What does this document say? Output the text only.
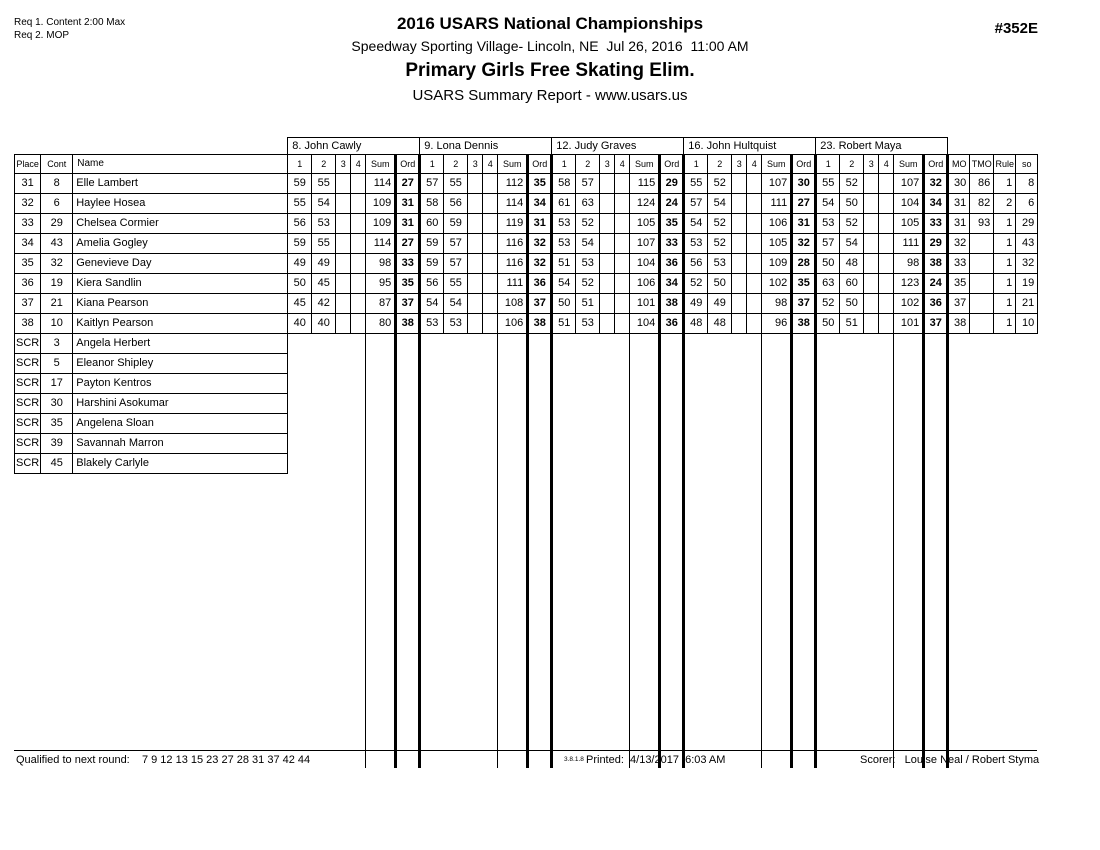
Req 1. Content 2:00 Max
Req 2. MOP
2016 USARS National Championships
Speedway Sporting Village- Lincoln, NE  Jul 26, 2016  11:00 AM
Primary Girls Free Skating Elim.
USARS Summary Report - www.usars.us
#352E
			8. John Cawly						9. Lona Dennis						12. Judy Graves						16. John Hultquist						23. Robert Maya									
Place	Cont	Name	1	2	3	4	Sum	Ord	1	2	3	4	Sum	Ord	1	2	3	4	Sum	Ord	1	2	3	4	Sum	Ord	1	2	3	4	Sum	Ord	MO	TMO	Rule	so
31	8	Elle Lambert	59	55			114	27	57	55			112	35	58	57			115	29	55	52			107	30	55	52			107	32	30	86	1	8
32	6	Haylee Hosea	55	54			109	31	58	56			114	34	61	63			124	24	57	54			111	27	54	50			104	34	31	82	2	6
33	29	Chelsea Cormier	56	53			109	31	60	59			119	31	53	52			105	35	54	52			106	31	53	52			105	33	31	93	1	29
34	43	Amelia Gogley	59	55			114	27	59	57			116	32	53	54			107	33	53	52			105	32	57	54			111	29	32		1	43
35	32	Genevieve Day	49	49			98	33	59	57			116	32	51	53			104	36	56	53			109	28	50	48			98	38	33		1	32
36	19	Kiera Sandlin	50	45			95	35	56	55			111	36	54	52			106	34	52	50			102	35	63	60			123	24	35		1	19
37	21	Kiana Pearson	45	42			87	37	54	54			108	37	50	51			101	38	49	49			98	37	52	50			102	36	37		1	21
38	10	Kaitlyn Pearson	40	40			80	38	53	53			106	38	51	53			104	36	48	48			96	38	50	51			101	37	38		1	10
SCR	3	Angela Herbert																																		
SCR	5	Eleanor Shipley																																		
SCR	17	Payton Kentros																																		
SCR	30	Harshini Asokumar																																		
SCR	35	Angelena Sloan																																		
SCR	39	Savannah Marron																																		
SCR	45	Blakely Carlyle																																		

Qualified to next round:    7 9 12 13 15 23 27 28 31 37 42 44	3.8.1.8 Printed:  4/13/2017  6:03 AM	Scorer:   Louise Neal / Robert Styma
